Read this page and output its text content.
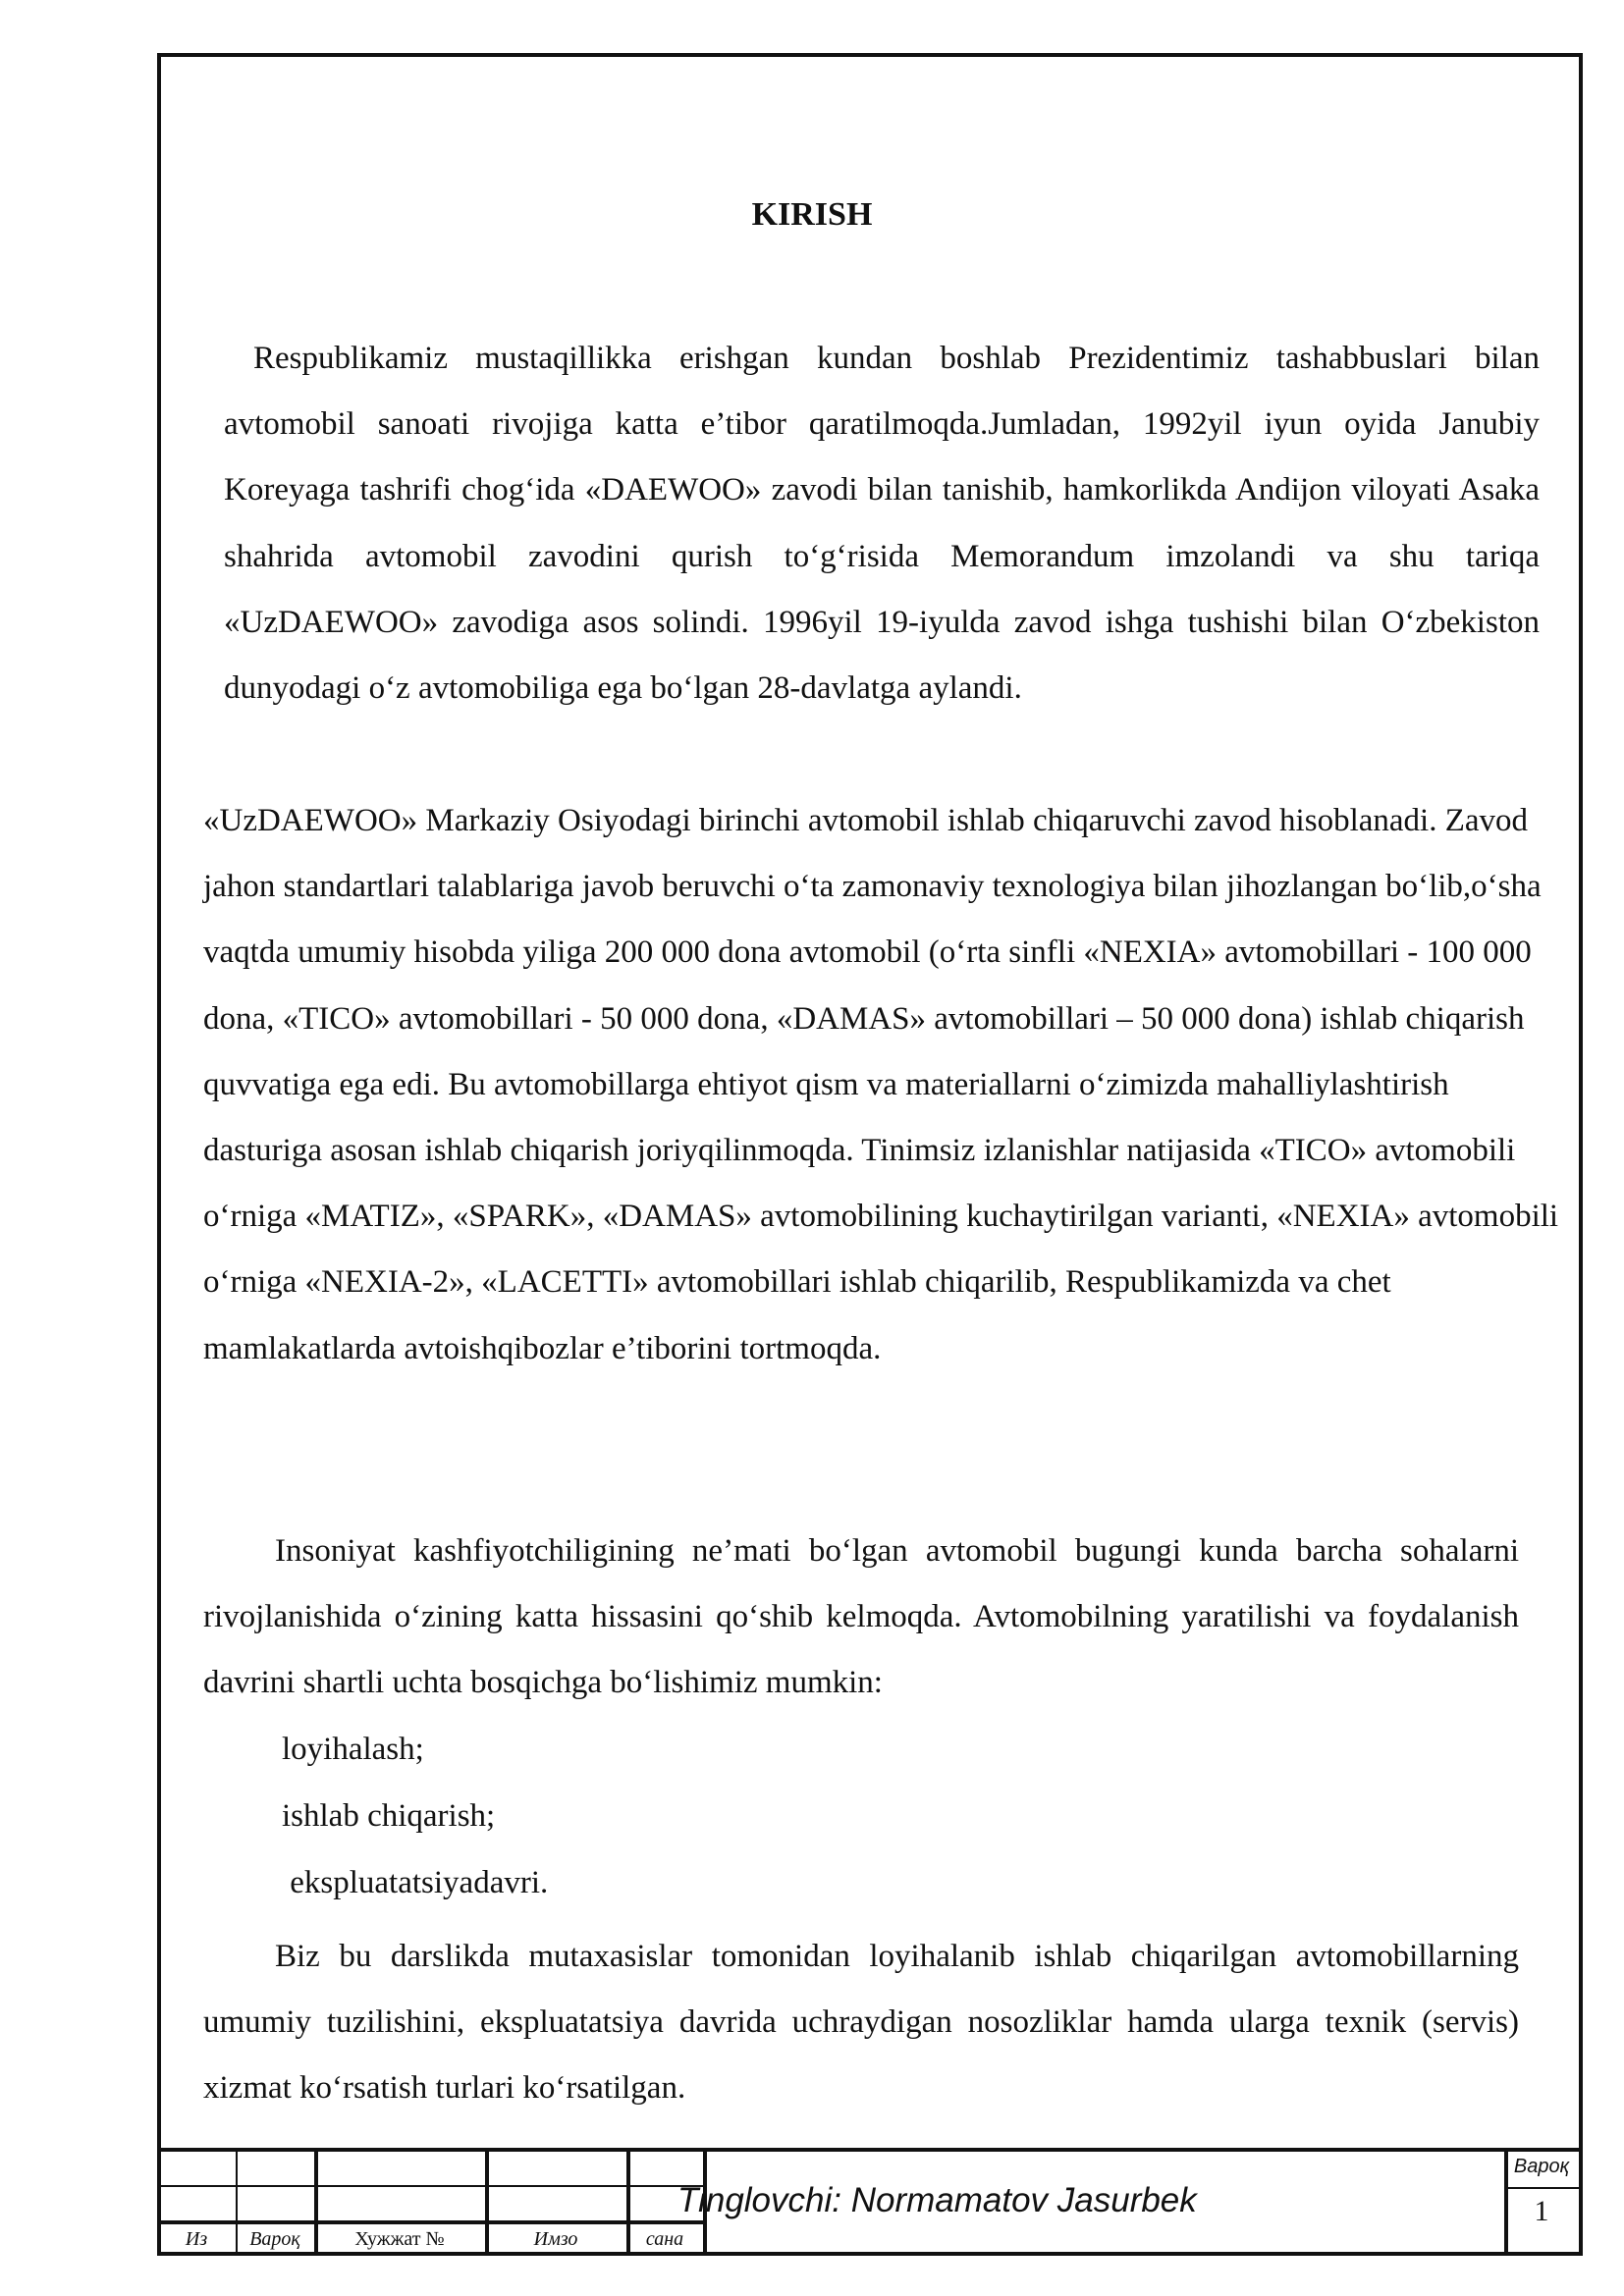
KIRISH

Respublikamiz mustaqillikka erishgan kundan boshlab Prezidentimiz tashabbuslari bilan avtomobil sanoati rivojiga katta e’tibor qaratilmoqda.Jumladan, 1992yil iyun oyida Janubiy Koreyaga tashrifi chog‘ida «DAEWOO» zavodi bilan tanishib, hamkorlikda Andijon viloyati Asaka shahrida avtomobil zavodini qurish to‘g‘risida Memorandum imzolandi va shu tariqa «UzDAEWOO» zavodiga asos solindi. 1996yil 19-iyulda zavod ishga tushishi bilan O‘zbekiston dunyodagi o‘z avtomobiliga ega bo‘lgan 28-davlatga aylandi.

«UzDAEWOO» Markaziy Osiyodagi birinchi avtomobil ishlab chiqaruvchi zavod hisoblanadi. Zavod jahon standartlari talablariga javob beruvchi o‘ta zamonaviy texnologiya bilan jihozlangan bo‘lib,o‘sha vaqtda umumiy hisobda yiliga 200 000 dona avtomobil (o‘rta sinfli «NEXIA» avtomobillari - 100 000 dona, «TICO» avtomobillari - 50 000 dona, «DAMAS» avtomobillari – 50 000 dona) ishlab chiqarish quvvatiga ega edi. Bu avtomobillarga ehtiyot qism va materiallarni o‘zimizda mahalliylashtirish dasturiga asosan ishlab chiqarish joriyqilinmoqda. Tinimsiz izlanishlar natijasida «TICO» avtomobili o‘rniga «MATIZ», «SPARK», «DAMAS» avtomobilining kuchaytirilgan varianti, «NEXIA» avtomobili o‘rniga «NEXIA-2», «LACETTI» avtomobillari ishlab chiqarilib, Respublikamizda va chet mamlakatlarda avtoishqibozlar e’tiborini tortmoqda.

Insoniyat kashfiyotchiligining ne’mati bo‘lgan avtomobil bugungi kunda barcha sohalarni rivojlanishida o‘zining katta hissasini qo‘shib kelmoqda. Avtomobilning yaratilishi va foydalanish davrini shartli uchta bosqichga bo‘lishimiz mumkin:

loyihalash;
ishlab chiqarish;
ekspluatatsiyadavri.

Biz bu darslikda mutaxasislar tomonidan loyihalanib ishlab chiqarilgan avtomobillarning umumiy tuzilishini, ekspluatatsiya davrida uchraydigan nosozliklar hamda ularga texnik (servis) xizmat ko‘rsatish turlari ko‘rsatilgan.

Из	Вароқ	Хужжат №	Имзо	сана
Tinglovchi: Normamatov Jasurbek
Вароқ
1
